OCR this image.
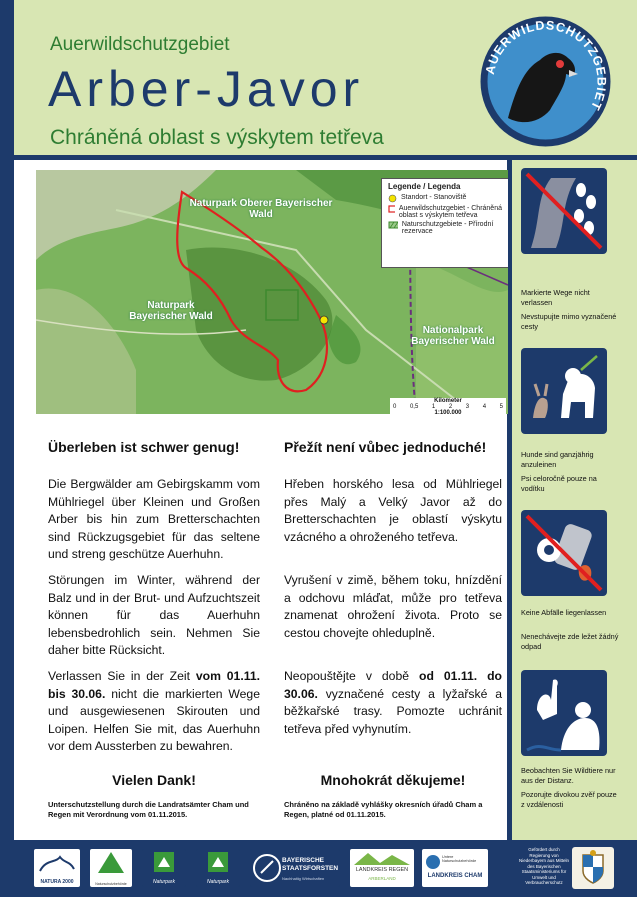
Auerwildschutzgebiet
Arber-Javor
Chráněná oblast s výskytem tetřeva
AUERWILDSCHUTZGEBIET
Naturpark Oberer Bayerischer Wald
Naturpark Bayerischer Wald
Nationalpark Bayerischer Wald
Legende / Legenda
Standort - Stanoviště
Auerwildschutzgebiet - Chráněná oblast s výskytem tetřeva
Naturschutzgebiete - Přírodní rezervace
Kilometer
0 0,5 1 2 3 4 5
1:100.000
Überleben ist schwer genug!	Přežít není vůbec jednoduché!
Die Bergwälder am Gebirgskamm vom Mühlriegel über Kleinen und Großen Arber bis hin zum Bretterschachten sind Rückzugsgebiet für das seltene und streng geschütze Auerhuhn.
Störungen im Winter, während der Balz und in der Brut- und Aufzuchtszeit können für das Auerhuhn lebensbedrohlich sein. Nehmen Sie daher bitte Rücksicht.
Verlassen Sie in der Zeit vom 01.11. bis 30.06. nicht die markierten Wege und ausgewiesenen Skirouten und Loipen. Helfen Sie mit, das Auerhuhn vor dem Aussterben zu bewahren.
Hřeben horského lesa od Mühlriegel přes Malý a Velký Javor až do Bretterschachten je oblastí výskytu vzácného a ohroženého tetřeva.
Vyrušení v zimě, během toku, hnízdění a odchovu mláďat, může pro tetřeva znamenat ohrožení života. Proto se cestou chovejte ohleduplně.
Neopouštějte v době od 01.11. do 30.06. vyznačené cesty a lyžařské a běžkařské trasy. Pomozte uchránit tetřeva před vyhynutím.
Vielen Dank!	Mnohokrát děkujeme!
Unterschutzstellung durch die Landratsämter Cham und Regen mit Verordnung vom 01.11.2015.
Chráněno na základě vyhlášky okresních úřadů Cham a Regen, platné od 01.11.2015.
Markierte Wege nicht verlassen
Nevstupujte mimo vyznačené cesty
Hunde sind ganzjährig anzuleinen
Psi celoročně pouze na vodítku
Keine Abfälle liegenlassen
Nenechávejte zde ležet žádný odpad
Beobachten Sie Wildtiere nur aus der Distanz.
Pozorujte divokou zvěř pouze z vzdálenosti
NATURA 2000	Naturschutzbehörde	Naturpark	Naturpark
BAYERISCHE STAATSFORSTEN
Nachhaltig Wirtschaften
LANDKREIS REGEN
ARBERLAND
Untere Naturschutzbehörde
LANDKREIS CHAM
Gefördert durch Regierung von Niederbayern aus Mitteln des Bayerischen Staatsministeriums für Umwelt und Verbraucherschutz
